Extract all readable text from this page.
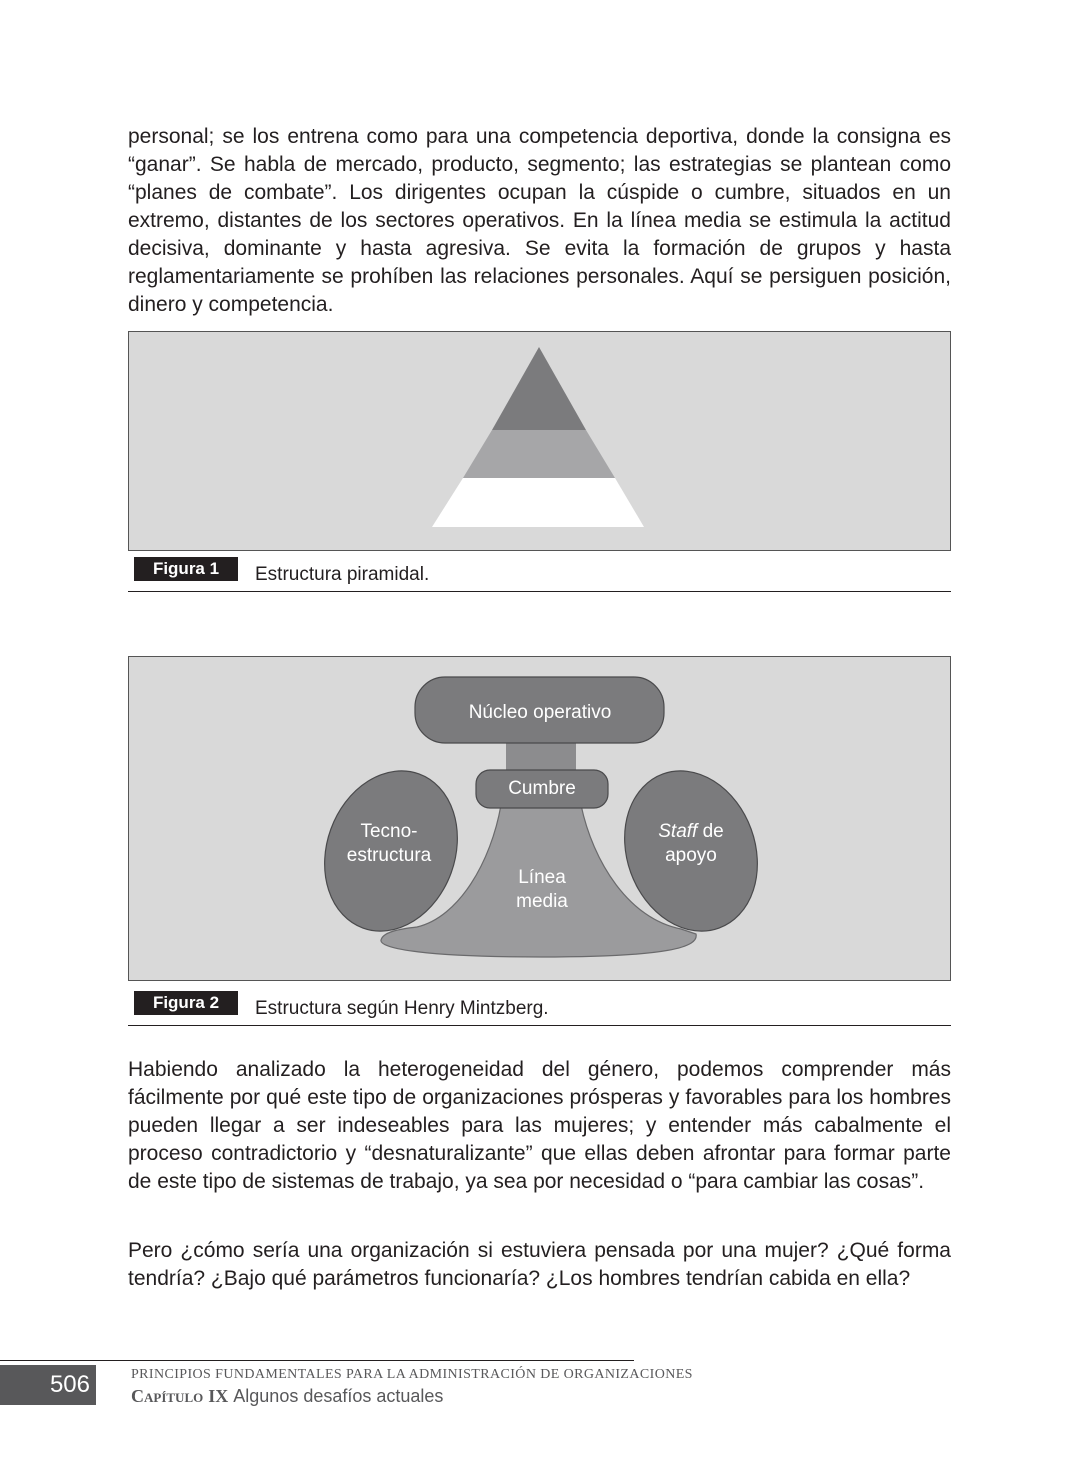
personal; se los entrena como para una competencia deportiva, donde la consigna es “ganar”. Se habla de mercado, producto, segmento; las estrategias se plantean como “planes de combate”. Los dirigentes ocupan la cúspide o cumbre, situados en un extremo, distantes de los sectores operativos. En la línea media se estimula la actitud decisiva, dominante y hasta agresiva. Se evita la formación de grupos y hasta reglamentariamente se prohíben las relaciones personales. Aquí se persiguen posición, dinero y competencia.

Figura 1	Estructura piramidal.
Núcleo operativo
Cumbre
Tecno-
estructura
Staff de
apoyo
Línea
media
Figura 2	Estructura según Henry Mintzberg.

Habiendo analizado la heterogeneidad del género, podemos comprender más fácilmente por qué este tipo de organizaciones prósperas y favorables para los hombres pueden llegar a ser indeseables para las mujeres; y entender más cabalmente el proceso contradictorio y “desnaturalizante” que ellas deben afrontar para formar parte de este tipo de sistemas de trabajo, ya sea por necesidad o “para cambiar las cosas”.

Pero ¿cómo sería una organización si estuviera pensada por una mujer? ¿Qué forma tendría? ¿Bajo qué parámetros funcionaría? ¿Los hombres tendrían cabida en ella?

506	PRINCIPIOS FUNDAMENTALES PARA LA ADMINISTRACIÓN DE ORGANIZACIONES
Capítulo IX Algunos desafíos actuales
